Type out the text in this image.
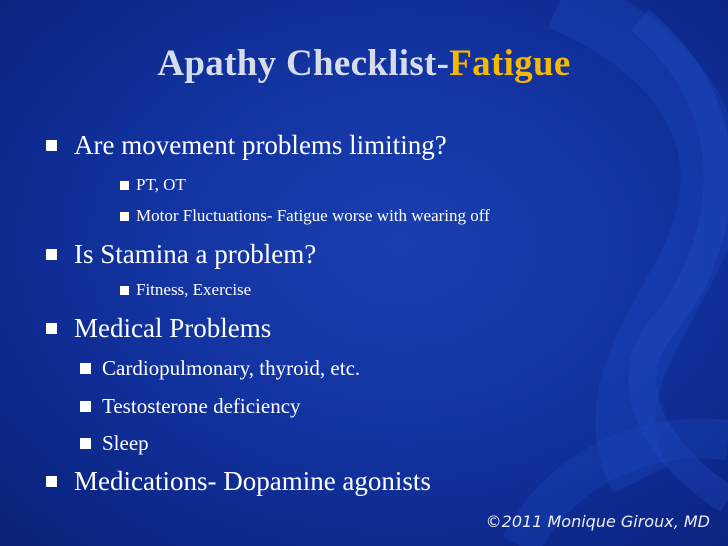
Apathy Checklist-Fatigue
Are movement problems limiting?
PT, OT
Motor Fluctuations- Fatigue worse with wearing off
Is Stamina a problem?
Fitness, Exercise
Medical Problems
Cardiopulmonary, thyroid, etc.
Testosterone deficiency
Sleep
Medications- Dopamine agonists
©2011 Monique Giroux, MD
